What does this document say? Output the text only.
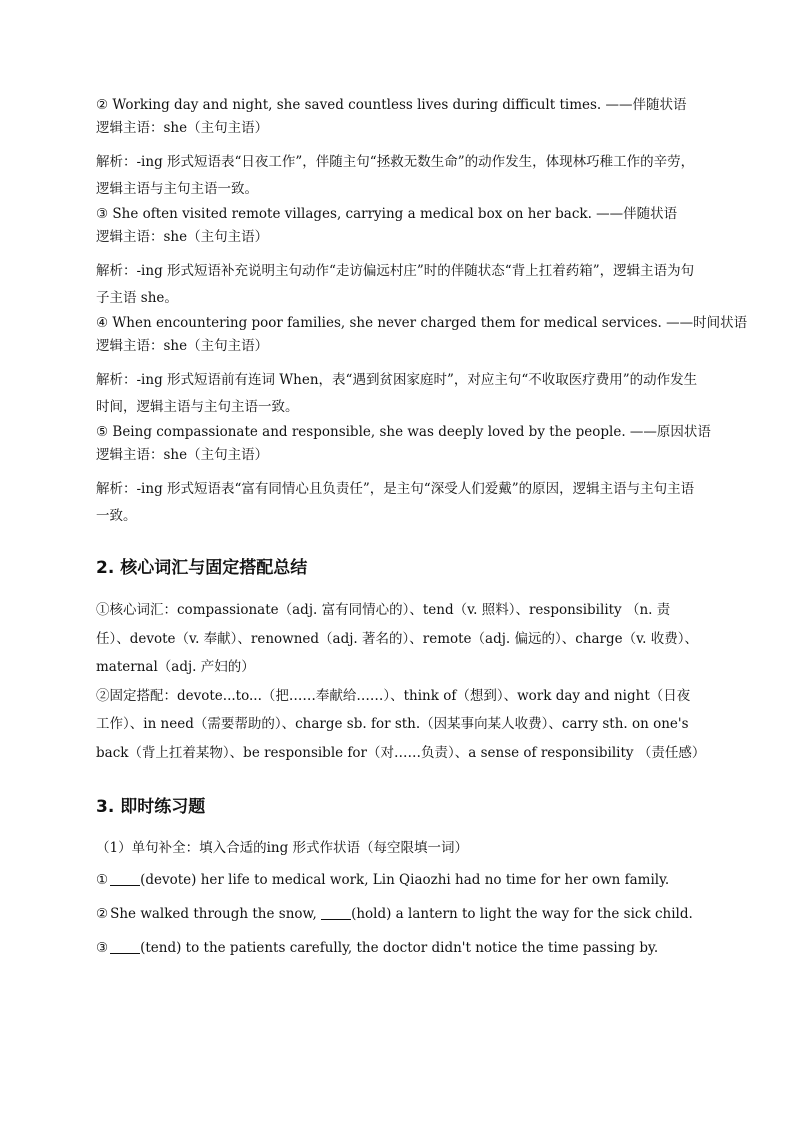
② Working day and night, she saved countless lives during difficult times. ——伴随状语
逻辑主语：she（主句主语）
解析：-ing 形式短语表“日夜工作”，伴随主句“拯救无数生命”的动作发生，体现林巧稚工作的辛劳，逻辑主语与主句主语一致。
③ She often visited remote villages, carrying a medical box on her back. ——伴随状语
逻辑主语：she（主句主语）
解析：-ing 形式短语补充说明主句动作“走访偏远村庄”时的伴随状态“背上扛着药箱”，逻辑主语为句子主语 she。
④ When encountering poor families, she never charged them for medical services. ——时间状语
逻辑主语：she（主句主语）
解析：-ing 形式短语前有连词 When，表“遇到贫困家庭时”，对应主句“不收取医疗费用”的动作发生时间，逻辑主语与主句主语一致。
⑤ Being compassionate and responsible, she was deeply loved by the people. ——原因状语
逻辑主语：she（主句主语）
解析：-ing 形式短语表“富有同情心且负责任”，是主句“深受人们爱戴”的原因，逻辑主语与主句主语一致。
2. 核心词汇与固定搭配总结
①核心词汇：compassionate（adj. 富有同情心的）、tend（v. 照料）、responsibility （n. 责任）、devote（v. 奉献）、renowned（adj. 著名的）、remote（adj. 偏远的）、charge（v. 收费）、maternal（adj. 产妇的）
②固定搭配：devote...to...（把……奉献给……）、think of（想到）、work day and night（日夜工作）、in need（需要帮助的）、charge sb. for sth.（因某事向某人收费）、carry sth. on one's back（背上扛着某物）、be responsible for（对……负责）、a sense of responsibility （责任感）
3. 即时练习题
（1）单句补全：填入合适的ing 形式作状语（每空限填一词）
① (devote) her life to medical work, Lin Qiaozhi had no time for her own family.
② She walked through the snow, (hold) a lantern to light the way for the sick child.
③ (tend) to the patients carefully, the doctor didn't notice the time passing by.
